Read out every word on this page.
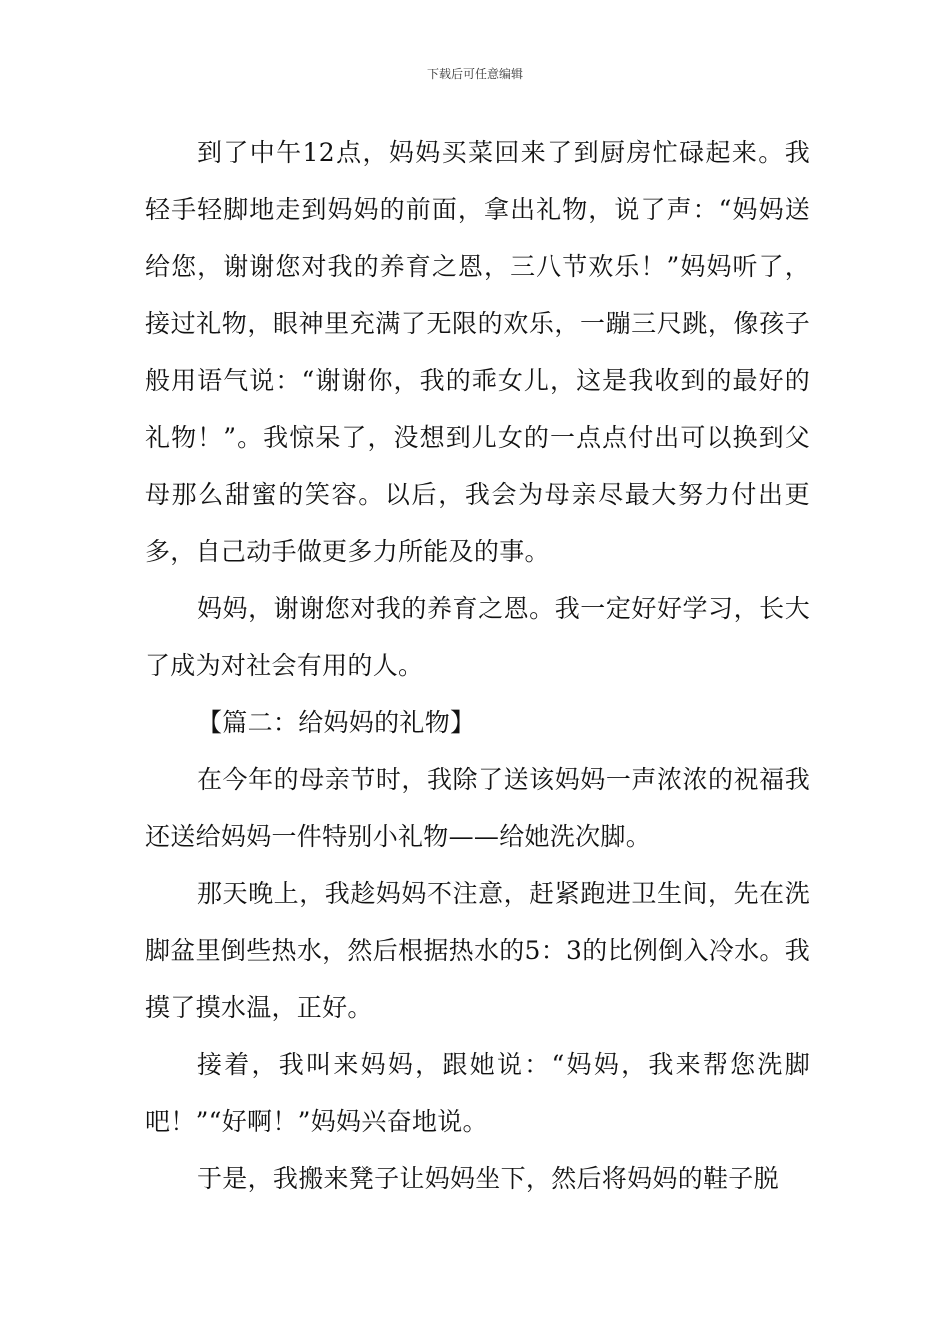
下载后可任意编辑

到了中午12点，妈妈买菜回来了到厨房忙碌起来。我轻手轻脚地走到妈妈的前面，拿出礼物，说了声：“妈妈送给您，谢谢您对我的养育之恩，三八节欢乐！”妈妈听了，接过礼物，眼神里充满了无限的欢乐，一蹦三尺跳，像孩子般用语气说：“谢谢你，我的乖女儿，这是我收到的最好的礼物！”。我惊呆了，没想到儿女的一点点付出可以换到父母那么甜蜜的笑容。以后，我会为母亲尽最大努力付出更多，自己动手做更多力所能及的事。

妈妈，谢谢您对我的养育之恩。我一定好好学习，长大了成为对社会有用的人。

【篇二：给妈妈的礼物】

在今年的母亲节时，我除了送该妈妈一声浓浓的祝福我还送给妈妈一件特别小礼物——给她洗次脚。

那天晚上，我趁妈妈不注意，赶紧跑进卫生间，先在洗脚盆里倒些热水，然后根据热水的5：3的比例倒入冷水。我摸了摸水温，正好。

接着，我叫来妈妈，跟她说：“妈妈，我来帮您洗脚吧！”“好啊！”妈妈兴奋地说。

于是，我搬来凳子让妈妈坐下，然后将妈妈的鞋子脱
